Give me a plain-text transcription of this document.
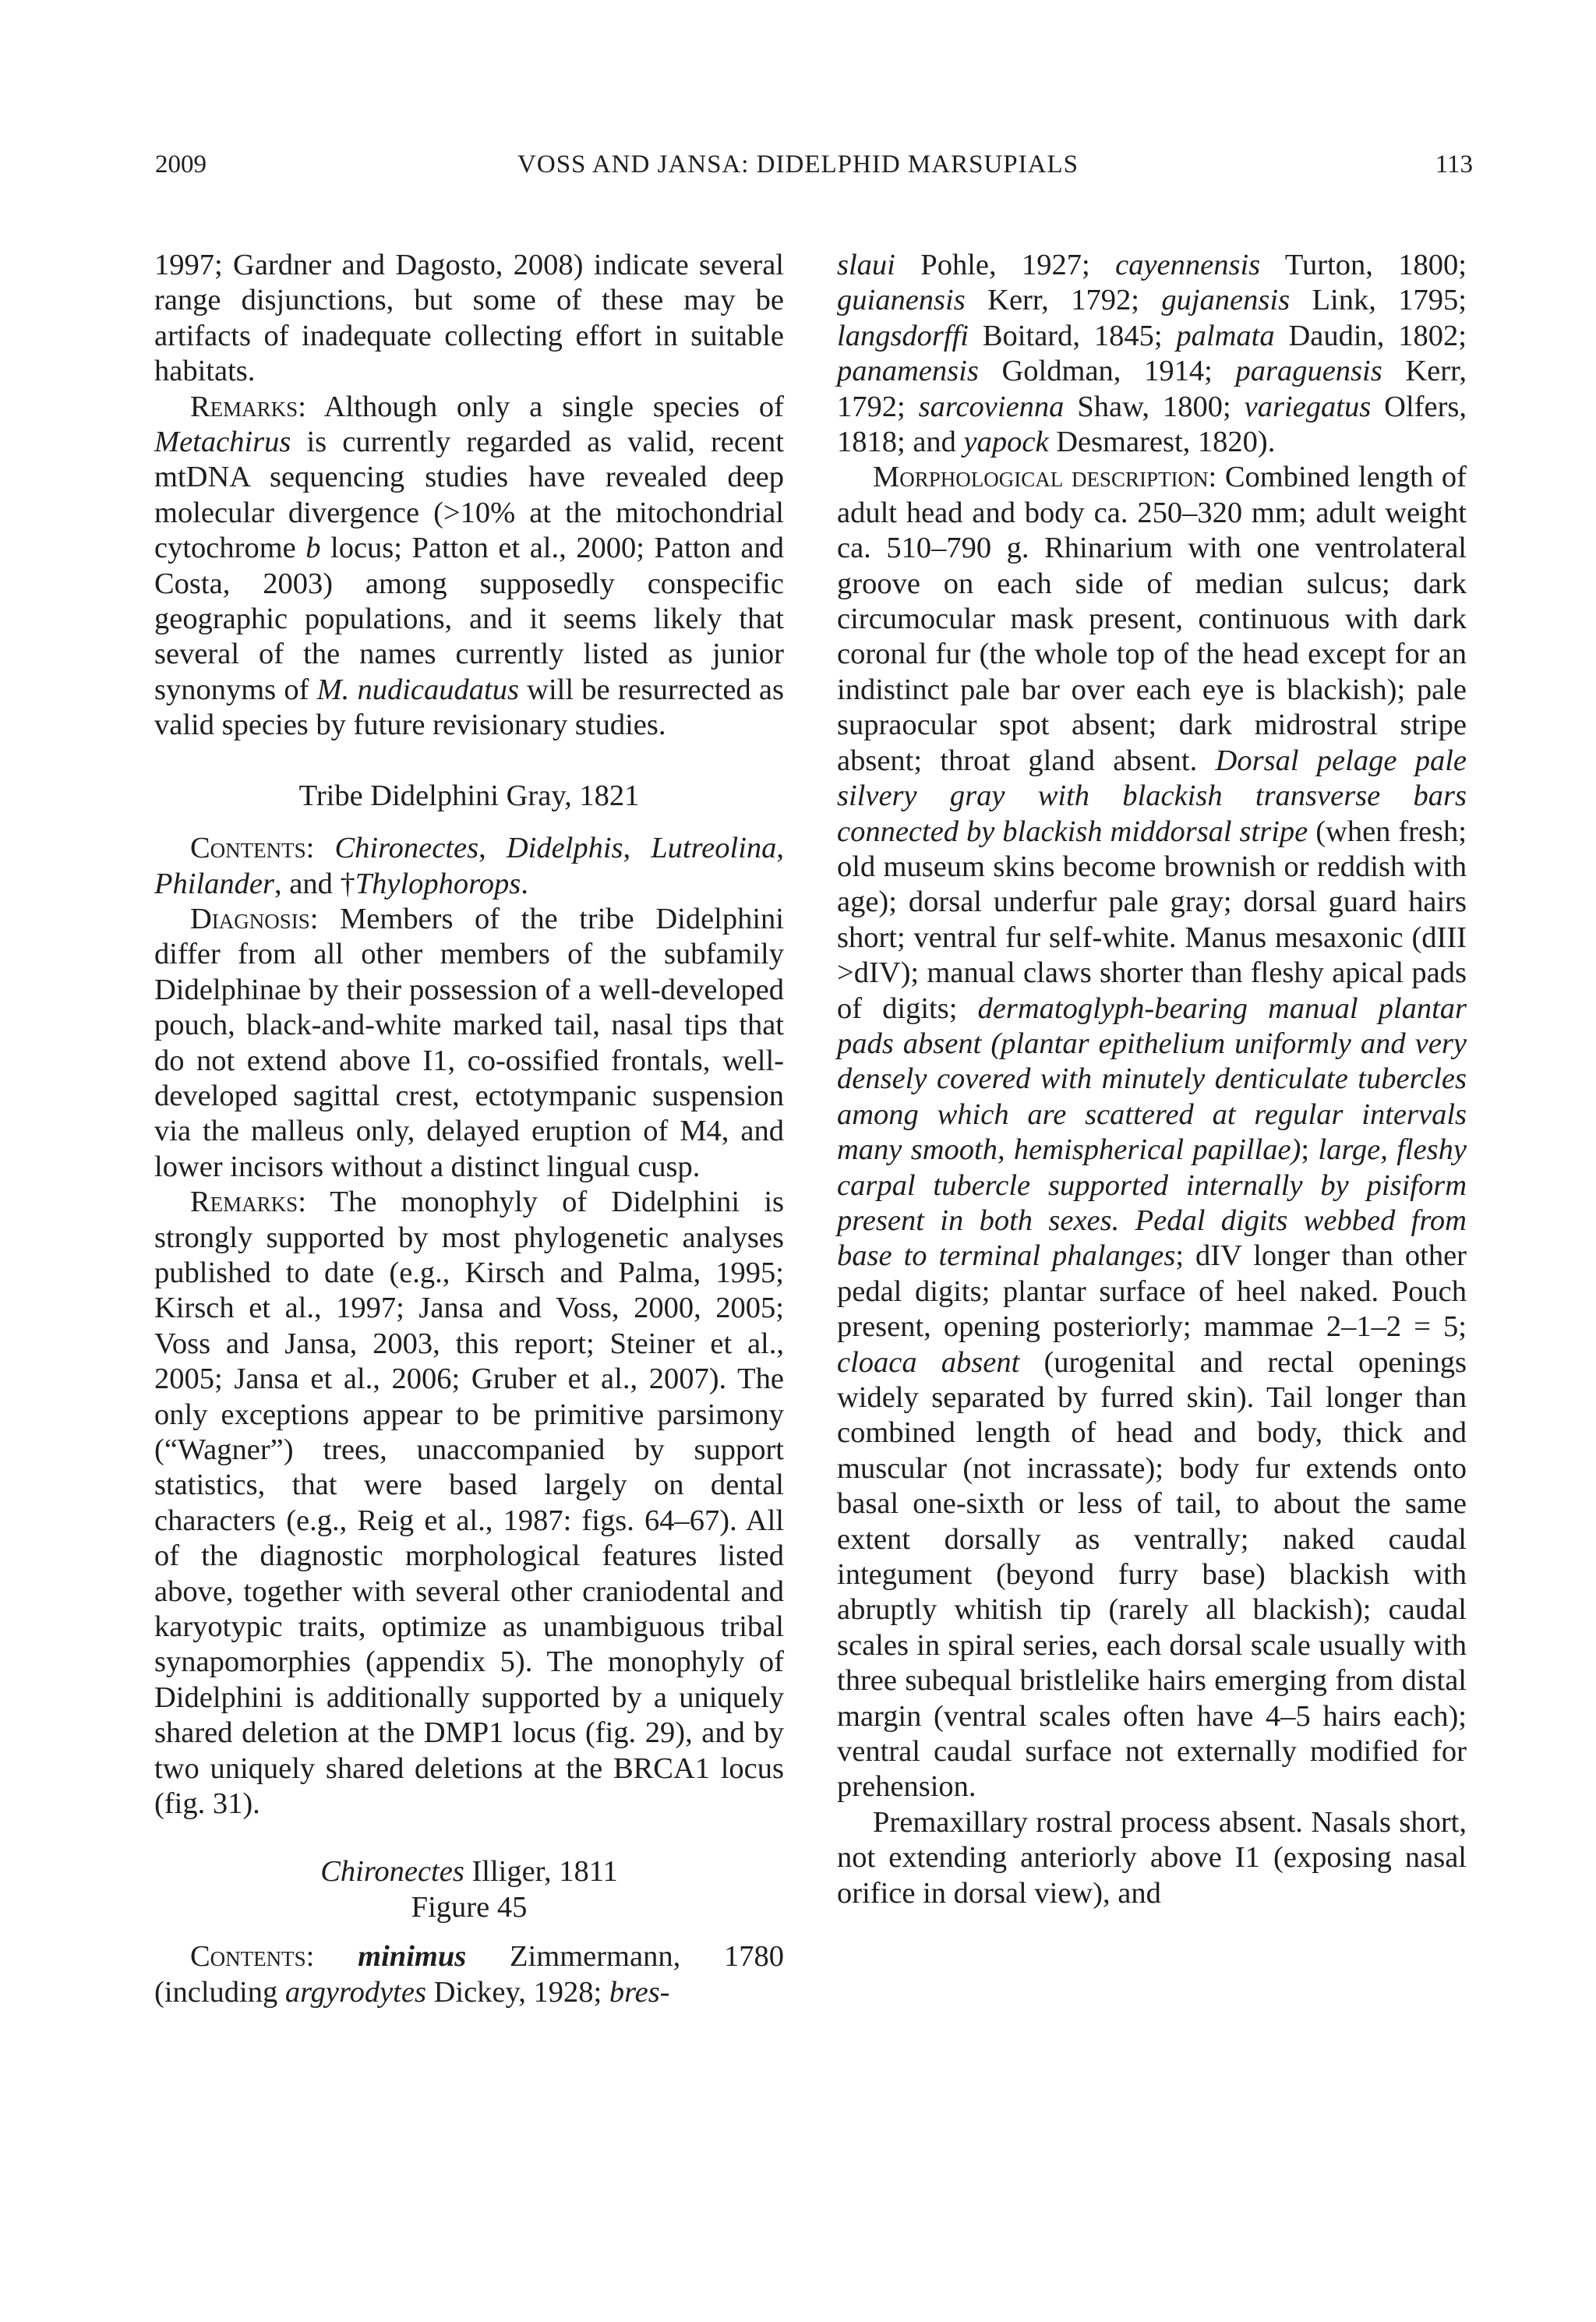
2009	VOSS AND JANSA: DIDELPHID MARSUPIALS	113

1997; Gardner and Dagosto, 2008) indicate several range disjunctions, but some of these may be artifacts of inadequate collecting effort in suitable habitats.

Remarks: Although only a single species of Metachirus is currently regarded as valid, recent mtDNA sequencing studies have revealed deep molecular divergence (>10% at the mitochondrial cytochrome b locus; Patton et al., 2000; Patton and Costa, 2003) among supposedly conspecific geographic populations, and it seems likely that several of the names currently listed as junior synonyms of M. nudicaudatus will be resurrected as valid species by future revisionary studies.

Tribe Didelphini Gray, 1821

Contents: Chironectes, Didelphis, Lutreolina, Philander, and †Thylophorops.

Diagnosis: Members of the tribe Didelphini differ from all other members of the subfamily Didelphinae by their possession of a well-developed pouch, black-and-white marked tail, nasal tips that do not extend above I1, co-ossified frontals, well-developed sagittal crest, ectotympanic suspension via the malleus only, delayed eruption of M4, and lower incisors without a distinct lingual cusp.

Remarks: The monophyly of Didelphini is strongly supported by most phylogenetic analyses published to date (e.g., Kirsch and Palma, 1995; Kirsch et al., 1997; Jansa and Voss, 2000, 2005; Voss and Jansa, 2003, this report; Steiner et al., 2005; Jansa et al., 2006; Gruber et al., 2007). The only exceptions appear to be primitive parsimony (“Wagner”) trees, unaccompanied by support statistics, that were based largely on dental characters (e.g., Reig et al., 1987: figs. 64–67). All of the diagnostic morphological features listed above, together with several other craniodental and karyotypic traits, optimize as unambiguous tribal synapomorphies (appendix 5). The monophyly of Didelphini is additionally supported by a uniquely shared deletion at the DMP1 locus (fig. 29), and by two uniquely shared deletions at the BRCA1 locus (fig. 31).

Chironectes Illiger, 1811

Figure 45

Contents: minimus Zimmermann, 1780 (including argyrodytes Dickey, 1928; bres-

slaui Pohle, 1927; cayennensis Turton, 1800; guianensis Kerr, 1792; gujanensis Link, 1795; langsdorffi Boitard, 1845; palmata Daudin, 1802; panamensis Goldman, 1914; paraguensis Kerr, 1792; sarcovienna Shaw, 1800; variegatus Olfers, 1818; and yapock Desmarest, 1820).

Morphological description: Combined length of adult head and body ca. 250–320 mm; adult weight ca. 510–790 g. Rhinarium with one ventrolateral groove on each side of median sulcus; dark circumocular mask present, continuous with dark coronal fur (the whole top of the head except for an indistinct pale bar over each eye is blackish); pale supraocular spot absent; dark midrostral stripe absent; throat gland absent. Dorsal pelage pale silvery gray with blackish transverse bars connected by blackish middorsal stripe (when fresh; old museum skins become brownish or reddish with age); dorsal underfur pale gray; dorsal guard hairs short; ventral fur self-white. Manus mesaxonic (dIII >dIV); manual claws shorter than fleshy apical pads of digits; dermatoglyph-bearing manual plantar pads absent (plantar epithelium uniformly and very densely covered with minutely denticulate tubercles among which are scattered at regular intervals many smooth, hemispherical papillae); large, fleshy carpal tubercle supported internally by pisiform present in both sexes. Pedal digits webbed from base to terminal phalanges; dIV longer than other pedal digits; plantar surface of heel naked. Pouch present, opening posteriorly; mammae 2–1–2 = 5; cloaca absent (urogenital and rectal openings widely separated by furred skin). Tail longer than combined length of head and body, thick and muscular (not incrassate); body fur extends onto basal one-sixth or less of tail, to about the same extent dorsally as ventrally; naked caudal integument (beyond furry base) blackish with abruptly whitish tip (rarely all blackish); caudal scales in spiral series, each dorsal scale usually with three subequal bristlelike hairs emerging from distal margin (ventral scales often have 4–5 hairs each); ventral caudal surface not externally modified for prehension.

Premaxillary rostral process absent. Nasals short, not extending anteriorly above I1 (exposing nasal orifice in dorsal view), and
